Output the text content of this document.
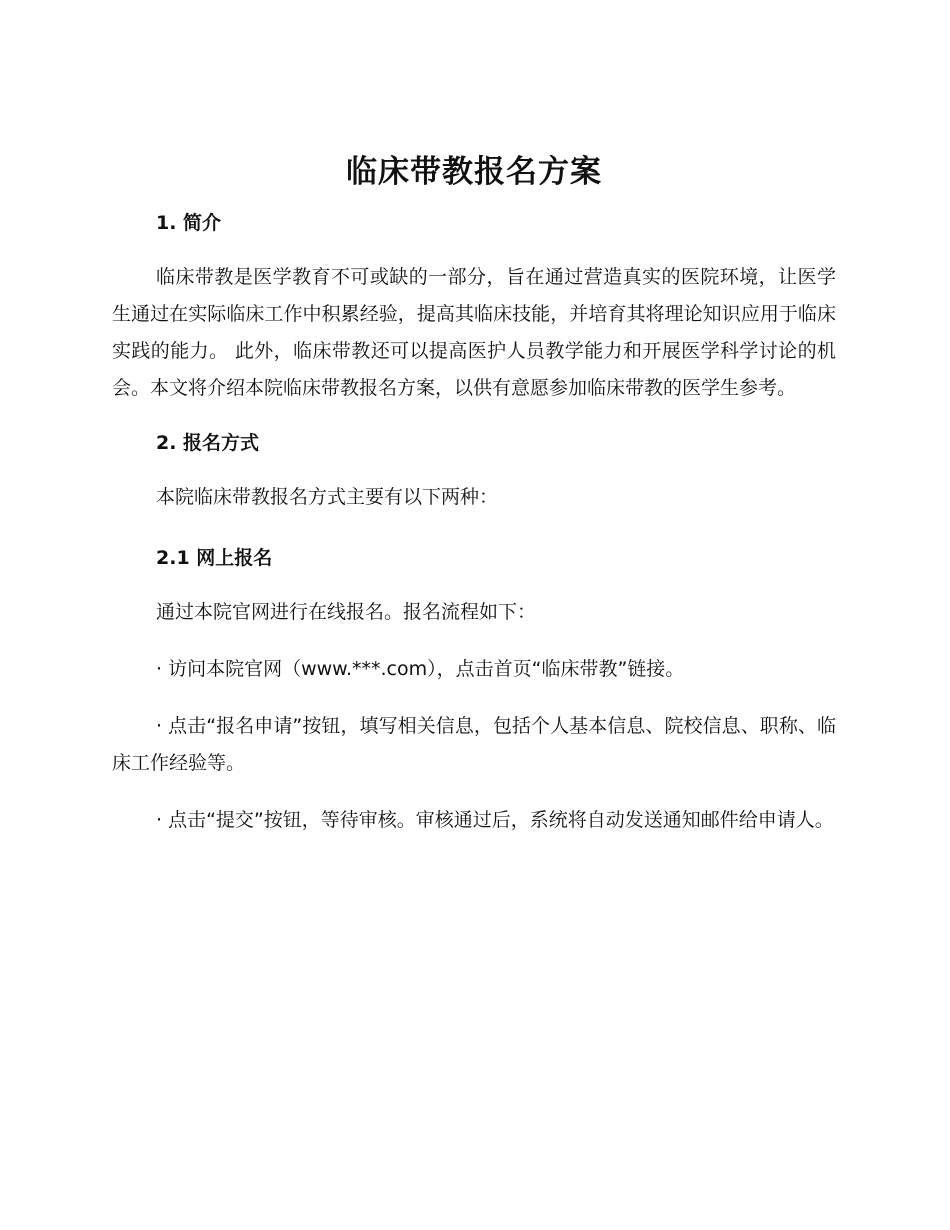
临床带教报名方案
1. 简介

临床带教是医学教育不可或缺的一部分，旨在通过营造真实的医院环境，让医学生通过在实际临床工作中积累经验，提高其临床技能，并培育其将理论知识应用于临床实践的能力。 此外，临床带教还可以提高医护人员教学能力和开展医学科学讨论的机会。本文将介绍本院临床带教报名方案，以供有意愿参加临床带教的医学生参考。

2. 报名方式

本院临床带教报名方式主要有以下两种：

2.1 网上报名

通过本院官网进行在线报名。报名流程如下：

· 访问本院官网（www.***.com），点击首页“临床带教”链接。

· 点击“报名申请”按钮，填写相关信息，包括个人基本信息、院校信息、职称、临床工作经验等。

· 点击“提交”按钮，等待审核。审核通过后，系统将自动发送通知邮件给申请人。
